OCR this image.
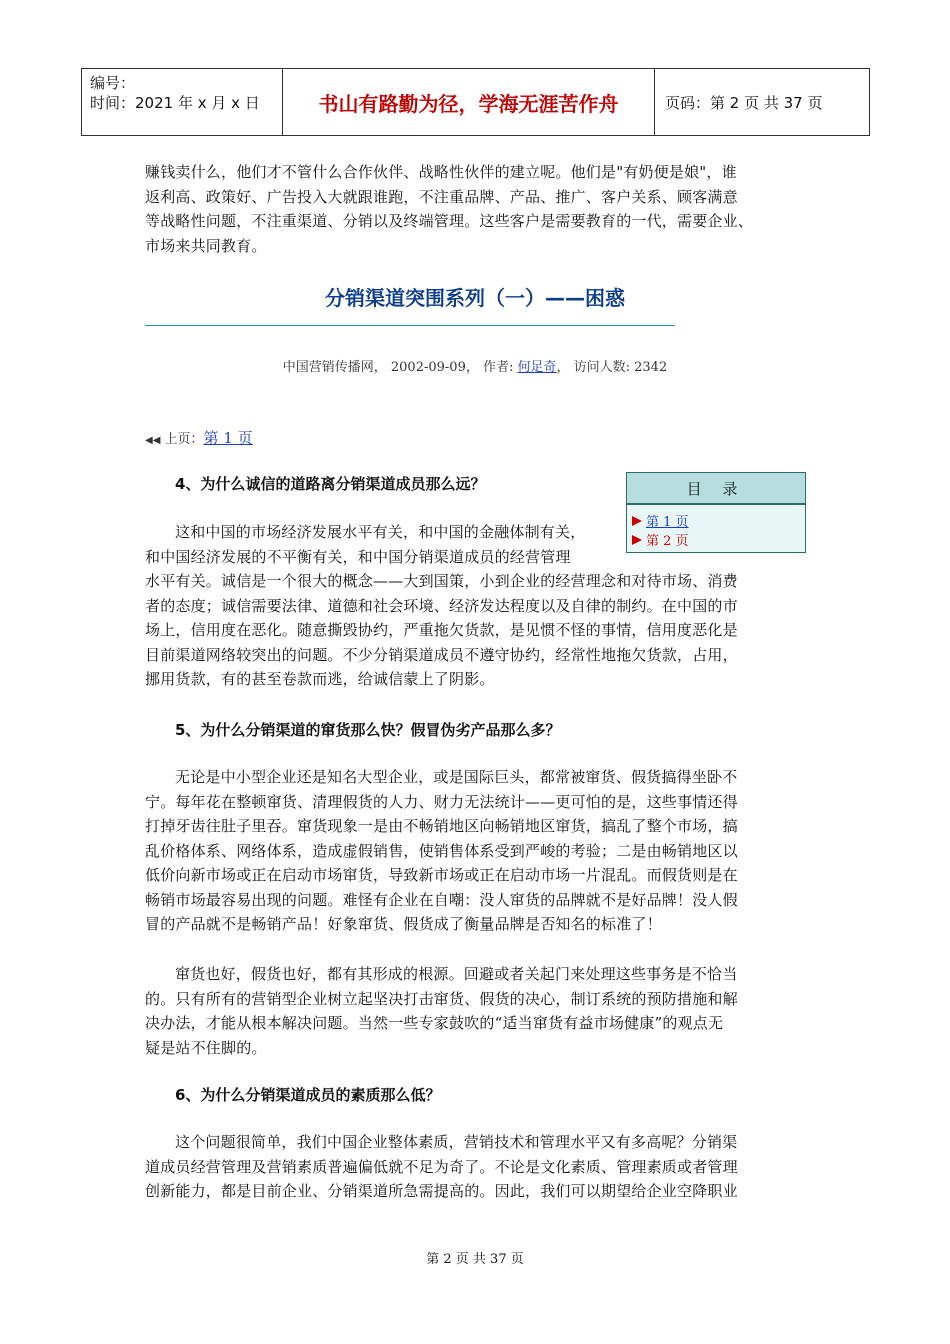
编号：
时间：2021 年 x 月 x 日	书山有路勤为径，学海无涯苦作舟	页码：第 2 页 共 37 页
赚钱卖什么，他们才不管什么合作伙伴、战略性伙伴的建立呢。他们是"有奶便是娘"，谁
返利高、政策好、广告投入大就跟谁跑，不注重品牌、产品、推广、客户关系、顾客满意
等战略性问题，不注重渠道、分销以及终端管理。这些客户是需要教育的一代，需要企业、
市场来共同教育。
分销渠道突围系列（一）——困惑
中国营销传播网， 2002-09-09， 作者: 何足奇， 访问人数: 2342
◀◀ 上页：第 1 页
4、为什么诚信的道路离分销渠道成员那么远？
这和中国的市场经济发展水平有关，和中国的金融体制有关，
和中国经济发展的不平衡有关，和中国分销渠道成员的经营管理
水平有关。诚信是一个很大的概念——大到国策，小到企业的经营理念和对待市场、消费
者的态度；诚信需要法律、道德和社会环境、经济发达程度以及自律的制约。在中国的市
场上，信用度在恶化。随意撕毁协约，严重拖欠货款，是见惯不怪的事情，信用度恶化是
目前渠道网络较突出的问题。不少分销渠道成员不遵守协约，经常性地拖欠货款，占用，
挪用货款，有的甚至卷款而逃，给诚信蒙上了阴影。
目 录
第 1 页
第 2 页
5、为什么分销渠道的窜货那么快？假冒伪劣产品那么多？
无论是中小型企业还是知名大型企业，或是国际巨头，都常被窜货、假货搞得坐卧不
宁。每年花在整顿窜货、清理假货的人力、财力无法统计——更可怕的是，这些事情还得
打掉牙齿往肚子里吞。窜货现象一是由不畅销地区向畅销地区窜货，搞乱了整个市场，搞
乱价格体系、网络体系，造成虚假销售，使销售体系受到严峻的考验；二是由畅销地区以
低价向新市场或正在启动市场窜货，导致新市场或正在启动市场一片混乱。而假货则是在
畅销市场最容易出现的问题。难怪有企业在自嘲：没人窜货的品牌就不是好品牌！没人假
冒的产品就不是畅销产品！好象窜货、假货成了衡量品牌是否知名的标准了！
窜货也好，假货也好，都有其形成的根源。回避或者关起门来处理这些事务是不恰当
的。只有所有的营销型企业树立起坚决打击窜货、假货的决心，制订系统的预防措施和解
决办法，才能从根本解决问题。当然一些专家鼓吹的“适当窜货有益市场健康”的观点无
疑是站不住脚的。
6、为什么分销渠道成员的素质那么低？
这个问题很简单，我们中国企业整体素质，营销技术和管理水平又有多高呢？分销渠
道成员经营管理及营销素质普遍偏低就不足为奇了。不论是文化素质、管理素质或者管理
创新能力，都是目前企业、分销渠道所急需提高的。因此，我们可以期望给企业空降职业
第 2 页 共 37 页
